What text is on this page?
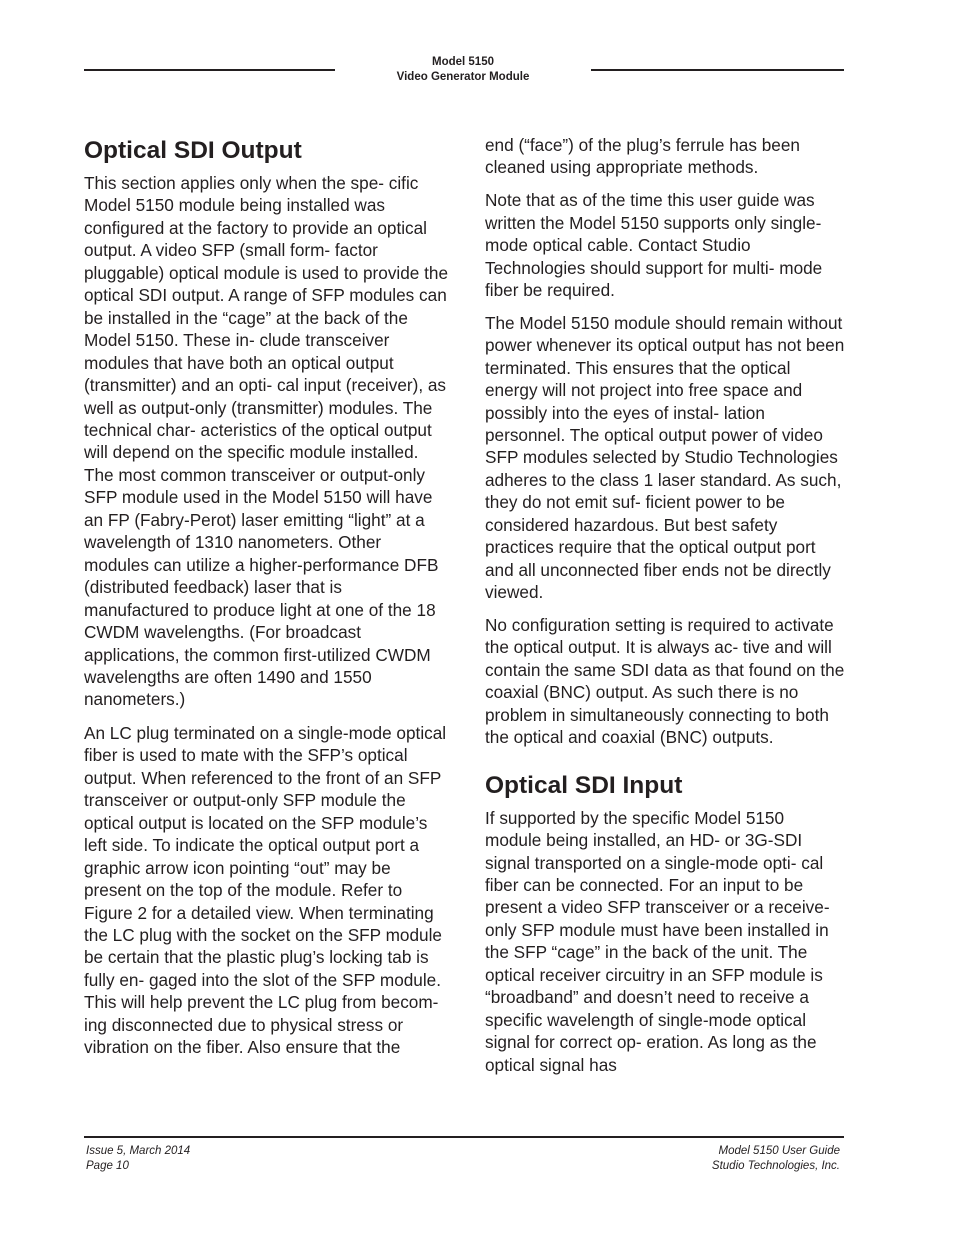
Model 5150
Video Generator Module
Optical SDI Output

This section applies only when the spe- cific Model 5150 module being installed was configured at the factory to provide an optical output. A video SFP (small form- factor pluggable) optical module is used to provide the optical SDI output. A range of SFP modules can be installed in the “cage” at the back of the Model 5150. These in- clude transceiver modules that have both an optical output (transmitter) and an opti- cal input (receiver), as well as output-only (transmitter) modules. The technical char- acteristics of the optical output will depend on the specific module installed. The most common transceiver or output-only SFP module used in the Model 5150 will have an FP (Fabry-Perot) laser emitting “light” at a wavelength of 1310 nanometers. Other modules can utilize a higher-performance DFB (distributed feedback) laser that is manufactured to produce light at one of the 18 CWDM wavelengths. (For broadcast applications, the common first-utilized CWDM wavelengths are often 1490 and 1550 nanometers.)

An LC plug terminated on a single-mode optical fiber is used to mate with the SFP’s optical output. When referenced to the front of an SFP transceiver or output-only SFP module the optical output is located on the SFP module’s left side. To indicate the optical output port a graphic arrow icon pointing “out” may be present on the top of the module. Refer to Figure 2 for a detailed view. When terminating the LC plug with the socket on the SFP module be certain that the plastic plug’s locking tab is fully en- gaged into the slot of the SFP module. This will help prevent the LC plug from becom- ing disconnected due to physical stress or vibration on the fiber. Also ensure that the

end (“face”) of the plug’s ferrule has been cleaned using appropriate methods.

Note that as of the time this user guide was written the Model 5150 supports only single-mode optical cable. Contact Studio Technologies should support for multi- mode fiber be required.

The Model 5150 module should remain without power whenever its optical output has not been terminated. This ensures that the optical energy will not project into free space and possibly into the eyes of instal- lation personnel. The optical output power of video SFP modules selected by Studio Technologies adheres to the class 1 laser standard. As such, they do not emit suf- ficient power to be considered hazardous. But best safety practices require that the optical output port and all unconnected fiber ends not be directly viewed.

No configuration setting is required to activate the optical output. It is always ac- tive and will contain the same SDI data as that found on the coaxial (BNC) output. As such there is no problem in simultaneously connecting to both the optical and coaxial (BNC) outputs.

Optical SDI Input

If supported by the specific Model 5150 module being installed, an HD- or 3G-SDI signal transported on a single-mode opti- cal fiber can be connected. For an input to be present a video SFP transceiver or a receive-only SFP module must have been installed in the SFP “cage” in the back of the unit. The optical receiver circuitry in an SFP module is “broadband” and doesn’t need to receive a specific wavelength of single-mode optical signal for correct op- eration. As long as the optical signal has

Issue 5, March 2014
Page 10
Model 5150 User Guide
Studio Technologies, Inc.
